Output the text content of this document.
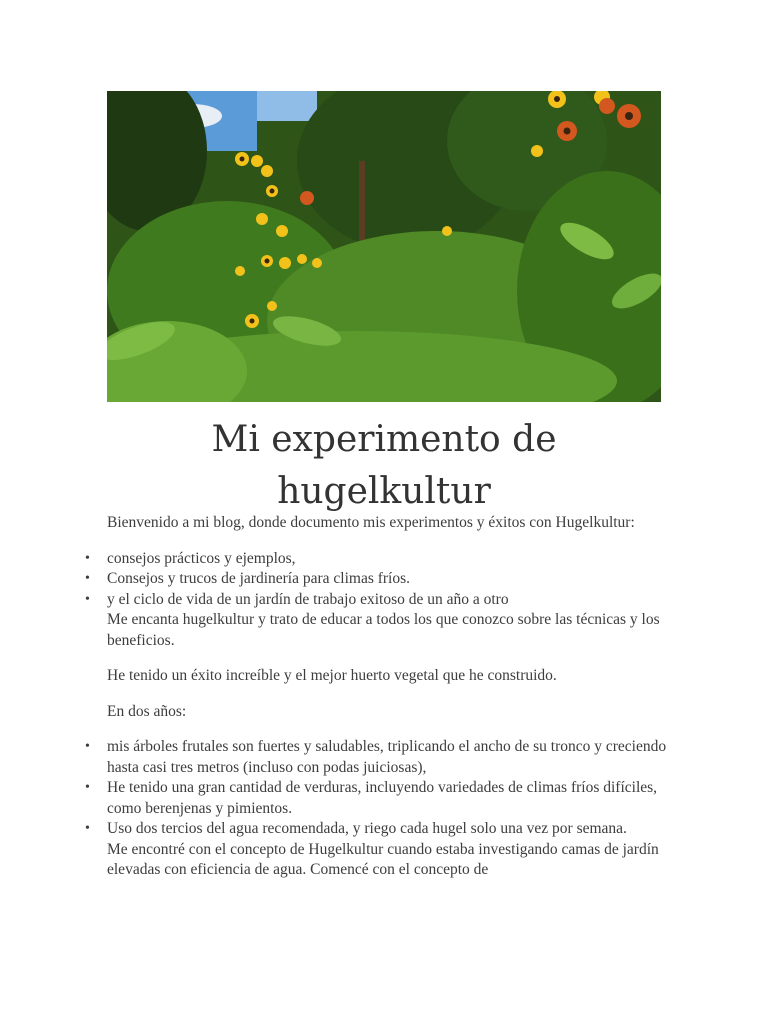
Mi experimento de hugelkultur

Bienvenido a mi blog, donde documento mis experimentos y éxitos con Hugelkultur:

• consejos prácticos y ejemplos,
• Consejos y trucos de jardinería para climas fríos.
• y el ciclo de vida de un jardín de trabajo exitoso de un año a otro

Me encanta hugelkultur y trato de educar a todos los que conozco sobre las técnicas y los beneficios.

He tenido un éxito increíble y el mejor huerto vegetal que he construido.

En dos años:

• mis árboles frutales son fuertes y saludables, triplicando el ancho de su tronco y creciendo hasta casi tres metros (incluso con podas juiciosas),
• He tenido una gran cantidad de verduras, incluyendo variedades de climas fríos difíciles, como berenjenas y pimientos.
• Uso dos tercios del agua recomendada, y riego cada hugel solo una vez por semana.

Me encontré con el concepto de Hugelkultur cuando estaba investigando camas de jardín elevadas con eficiencia de agua. Comencé con el concepto de
